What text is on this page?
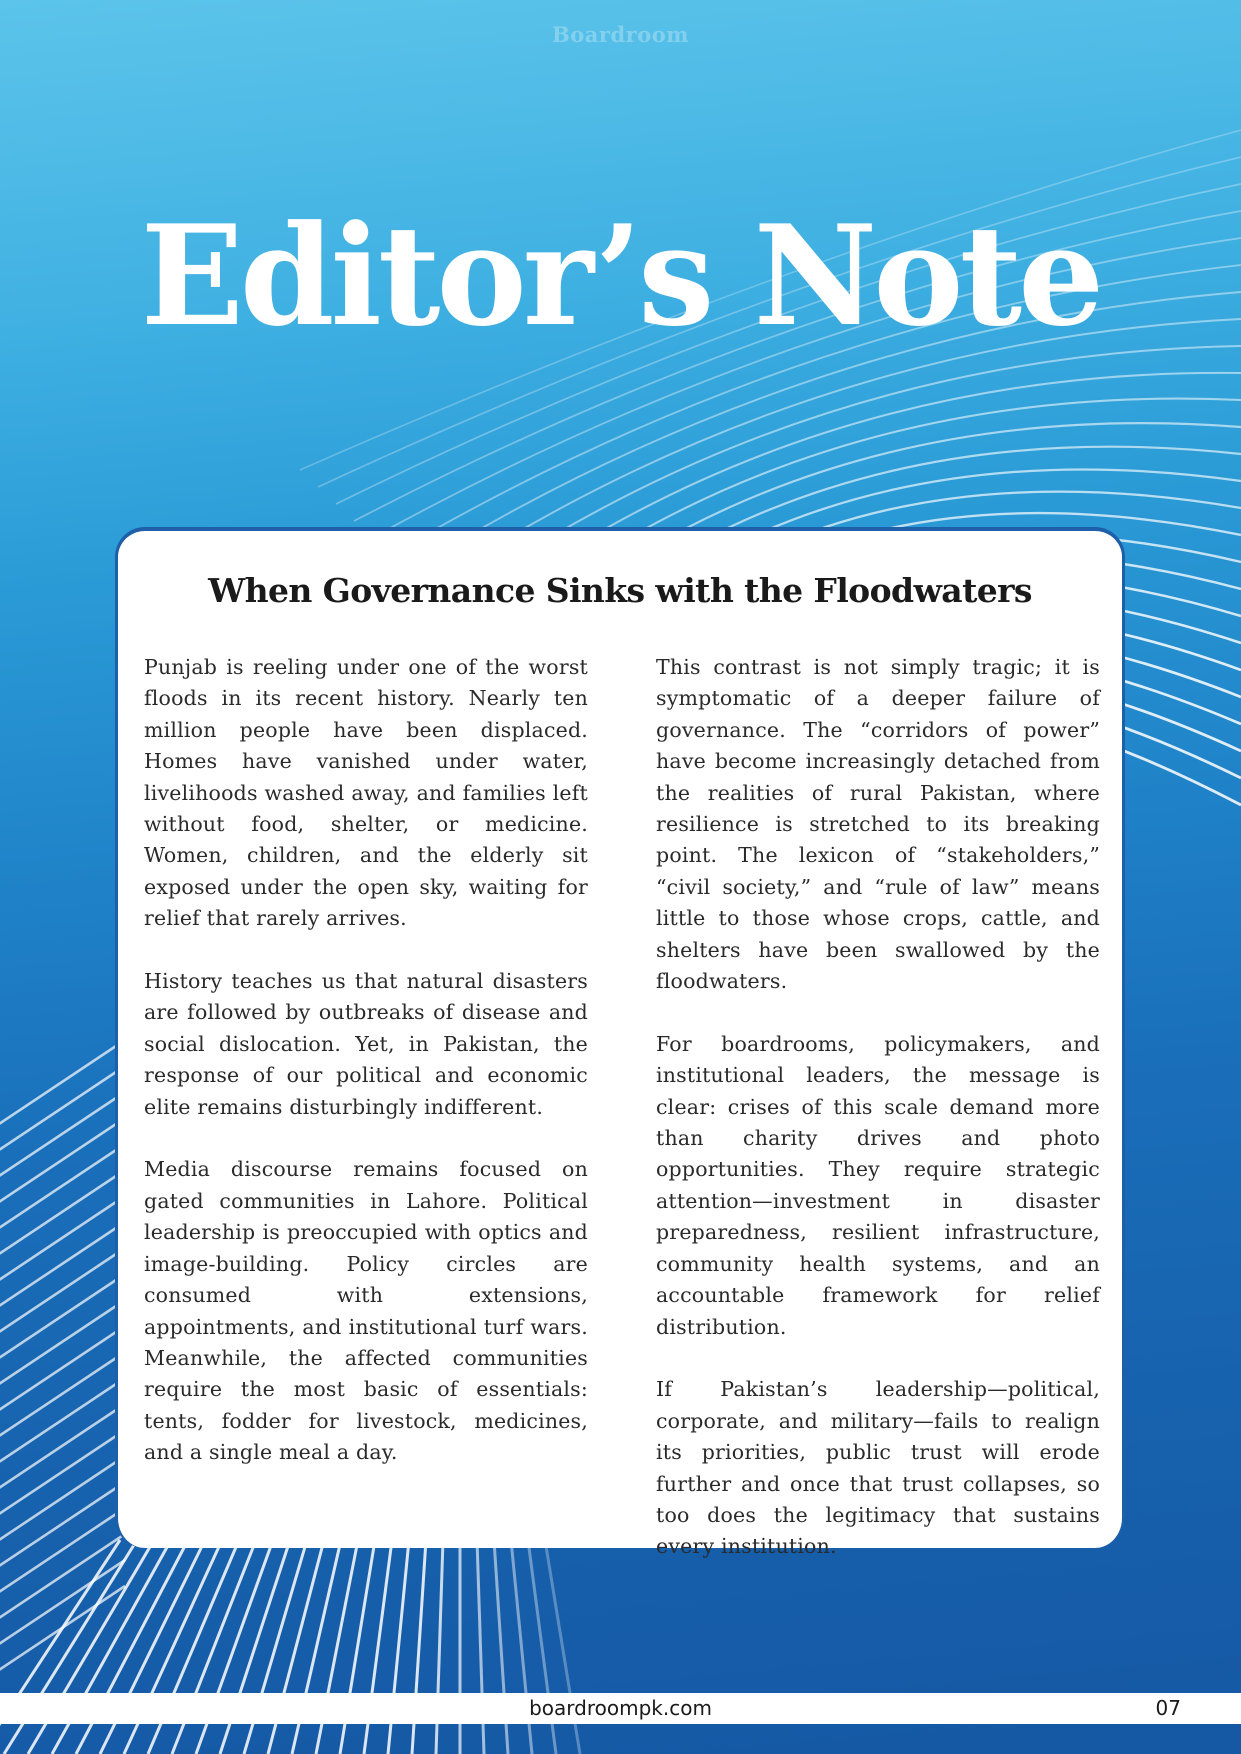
Boardroom
Editor’s Note
When Governance Sinks with the Floodwaters

Punjab is reeling under one of the worst floods in its recent history. Nearly ten million people have been displaced. Homes have vanished under water, livelihoods washed away, and families left without food, shelter, or medicine. Women, children, and the elderly sit exposed under the open sky, waiting for relief that rarely arrives.

History teaches us that natural disasters are followed by outbreaks of disease and social dislocation. Yet, in Pakistan, the response of our political and economic elite remains disturbingly indifferent.

Media discourse remains focused on gated communities in Lahore. Political leadership is preoccupied with optics and image-building. Policy circles are consumed with extensions, appointments, and institutional turf wars. Meanwhile, the affected communities require the most basic of essentials: tents, fodder for livestock, medicines, and a single meal a day.

This contrast is not simply tragic; it is symptomatic of a deeper failure of governance. The “corridors of power” have become increasingly detached from the realities of rural Pakistan, where resilience is stretched to its breaking point. The lexicon of “stakeholders,” “civil society,” and “rule of law” means little to those whose crops, cattle, and shelters have been swallowed by the floodwaters.

For boardrooms, policymakers, and institutional leaders, the message is clear: crises of this scale demand more than charity drives and photo opportunities. They require strategic attention—investment in disaster preparedness, resilient infrastructure, community health systems, and an accountable framework for relief distribution.

If Pakistan’s leadership—political, corporate, and military—fails to realign its priorities, public trust will erode further and once that trust collapses, so too does the legitimacy that sustains every institution.

boardroompk.com	07
